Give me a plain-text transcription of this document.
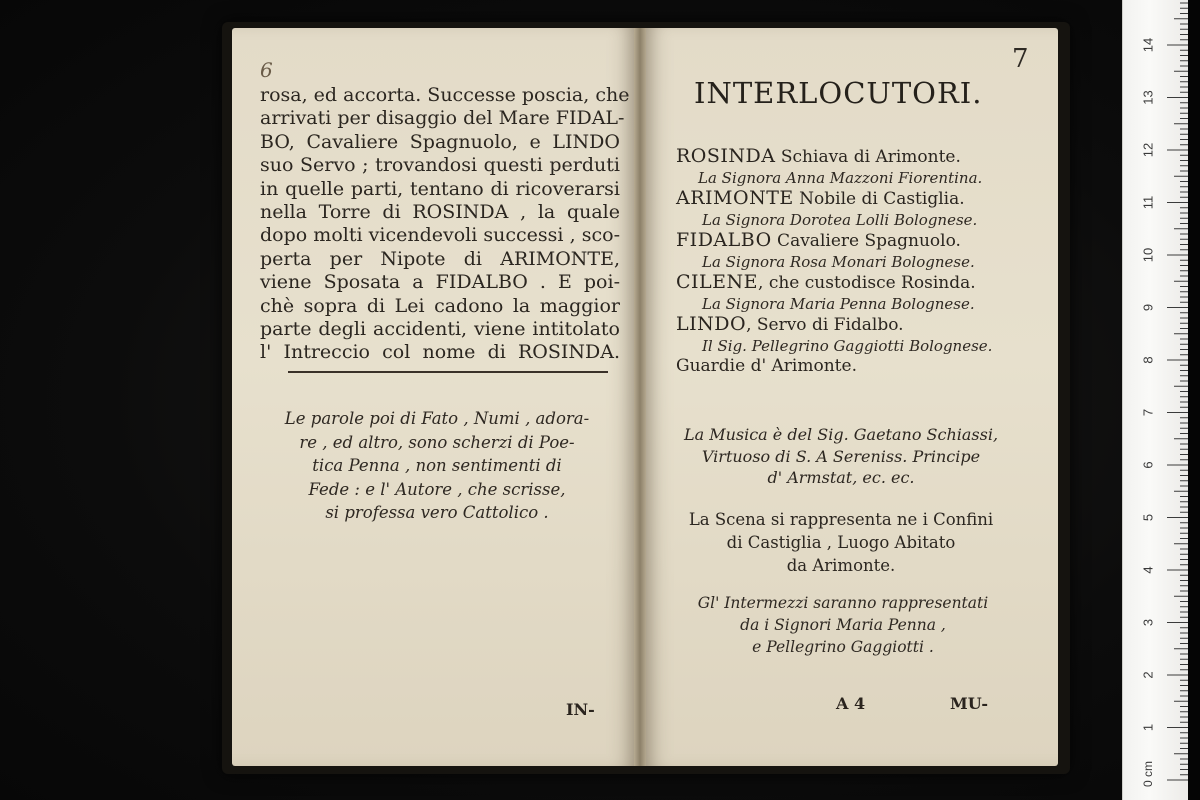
6
rosa, ed accorta. Successe poscia, che
arrivati per disaggio del Mare FIDAL-
BO, Cavaliere Spagnuolo, e LINDO
suo Servo ; trovandosi questi perduti
in quelle parti, tentano di ricoverarsi
nella Torre di ROSINDA , la quale
dopo molti vicendevoli successi , sco-
perta per Nipote di ARIMONTE,
viene Sposata a FIDALBO . E poi-
chè sopra di Lei cadono la maggior
parte degli accidenti, viene intitolato
l' Intreccio col nome di ROSINDA.
Le parole poi di Fato , Numi , adora-
re , ed altro, sono scherzi di Poe-
tica Penna , non sentimenti di
Fede : e l' Autore , che scrisse,
si professa vero Cattolico .
IN-
7
INTERLOCUTORI.
ROSINDA Schiava di Arimonte.
La Signora Anna Mazzoni Fiorentina.
ARIMONTE Nobile di Castiglia.
La Signora Dorotea Lolli Bolognese.
FIDALBO Cavaliere Spagnuolo.
La Signora Rosa Monari Bolognese.
CILENE, che custodisce Rosinda.
La Signora Maria Penna Bolognese.
LINDO, Servo di Fidalbo.
Il Sig. Pellegrino Gaggiotti Bolognese.
Guardie d' Arimonte.
La Musica è del Sig. Gaetano Schiassi,
Virtuoso di S. A Sereniss. Principe
d' Armstat, ec. ec.
La Scena si rappresenta ne i Confini
di Castiglia , Luogo Abitato
da Arimonte.
Gl' Intermezzi saranno rappresentati
da i Signori Maria Penna ,
e Pellegrino Gaggiotti .
A 4	MU-
1
2
3
4
5
6
7
8
9
10
11
12
13
14
0 cm
